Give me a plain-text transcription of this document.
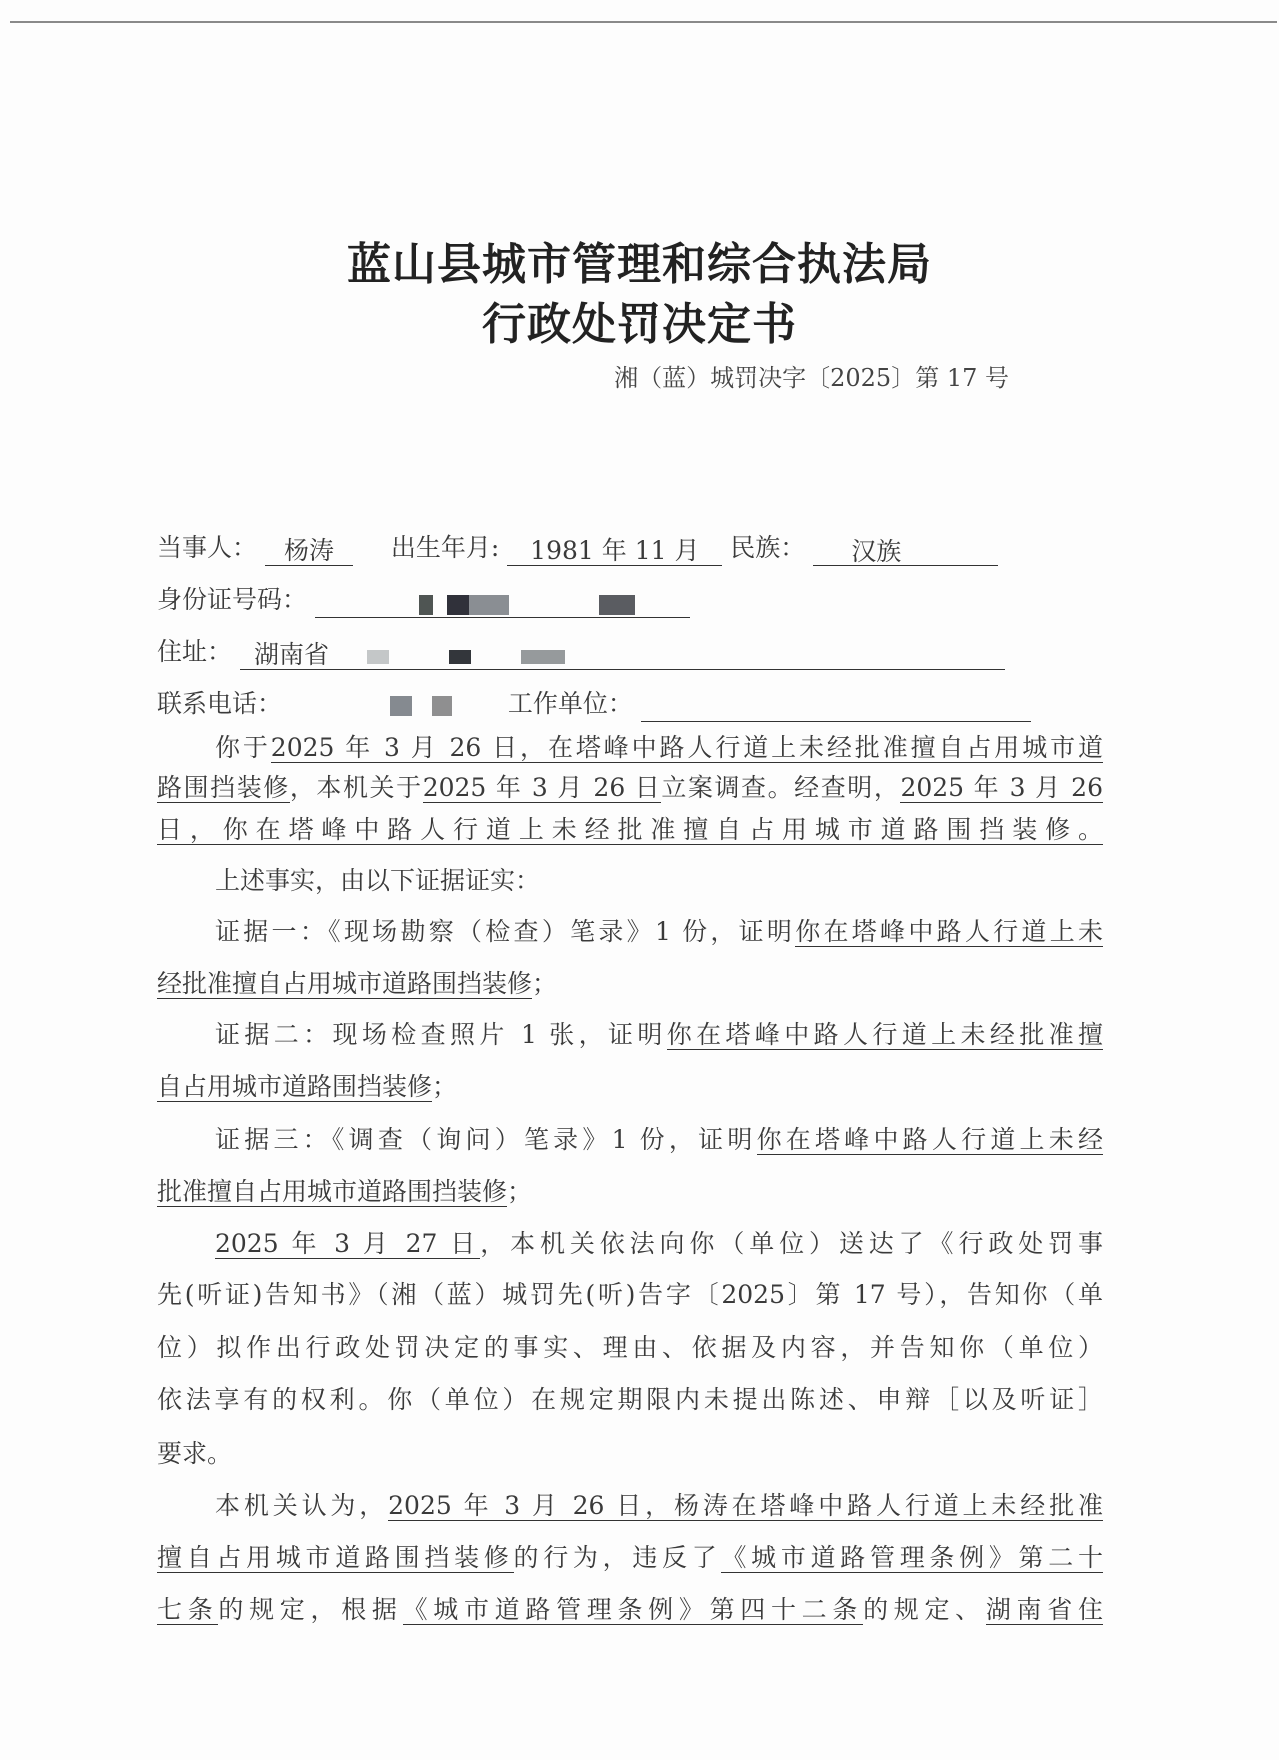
蓝山县城市管理和综合执法局
行政处罚决定书
湘（蓝）城罚决字〔2025〕第 17 号
当事人： 杨涛 出生年月: 1981 年 11 月 民族： 汉族
身份证号码：
住址： 湖南省
联系电话：	工作单位：
你于2025 年 3 月 26 日，在塔峰中路人行道上未经批准擅自占用城市道
路围挡装修，本机关于2025 年 3 月 26 日立案调查。经查明，2025 年 3 月 26
日，你在塔峰中路人行道上未经批准擅自占用城市道路围挡装修。
上述事实，由以下证据证实：
证据一：《现场勘察（检查）笔录》1 份，证明你在塔峰中路人行道上未
经批准擅自占用城市道路围挡装修；
证据二：现场检查照片 1 张，证明你在塔峰中路人行道上未经批准擅
自占用城市道路围挡装修；
证据三：《调查（询问）笔录》1 份，证明你在塔峰中路人行道上未经
批准擅自占用城市道路围挡装修；
2025 年 3 月 27 日，本机关依法向你（单位）送达了《行政处罚事
先(听证)告知书》（湘（蓝）城罚先(听)告字〔2025〕第 17 号），告知你（单
位）拟作出行政处罚决定的事实、理由、依据及内容，并告知你（单位）
依法享有的权利。你（单位）在规定期限内未提出陈述、申辩［以及听证］
要求。
本机关认为，2025 年 3 月 26 日，杨涛在塔峰中路人行道上未经批准
擅自占用城市道路围挡装修的行为，违反了《城市道路管理条例》第二十
七条的规定，根据《城市道路管理条例》第四十二条的规定、湖南省住
